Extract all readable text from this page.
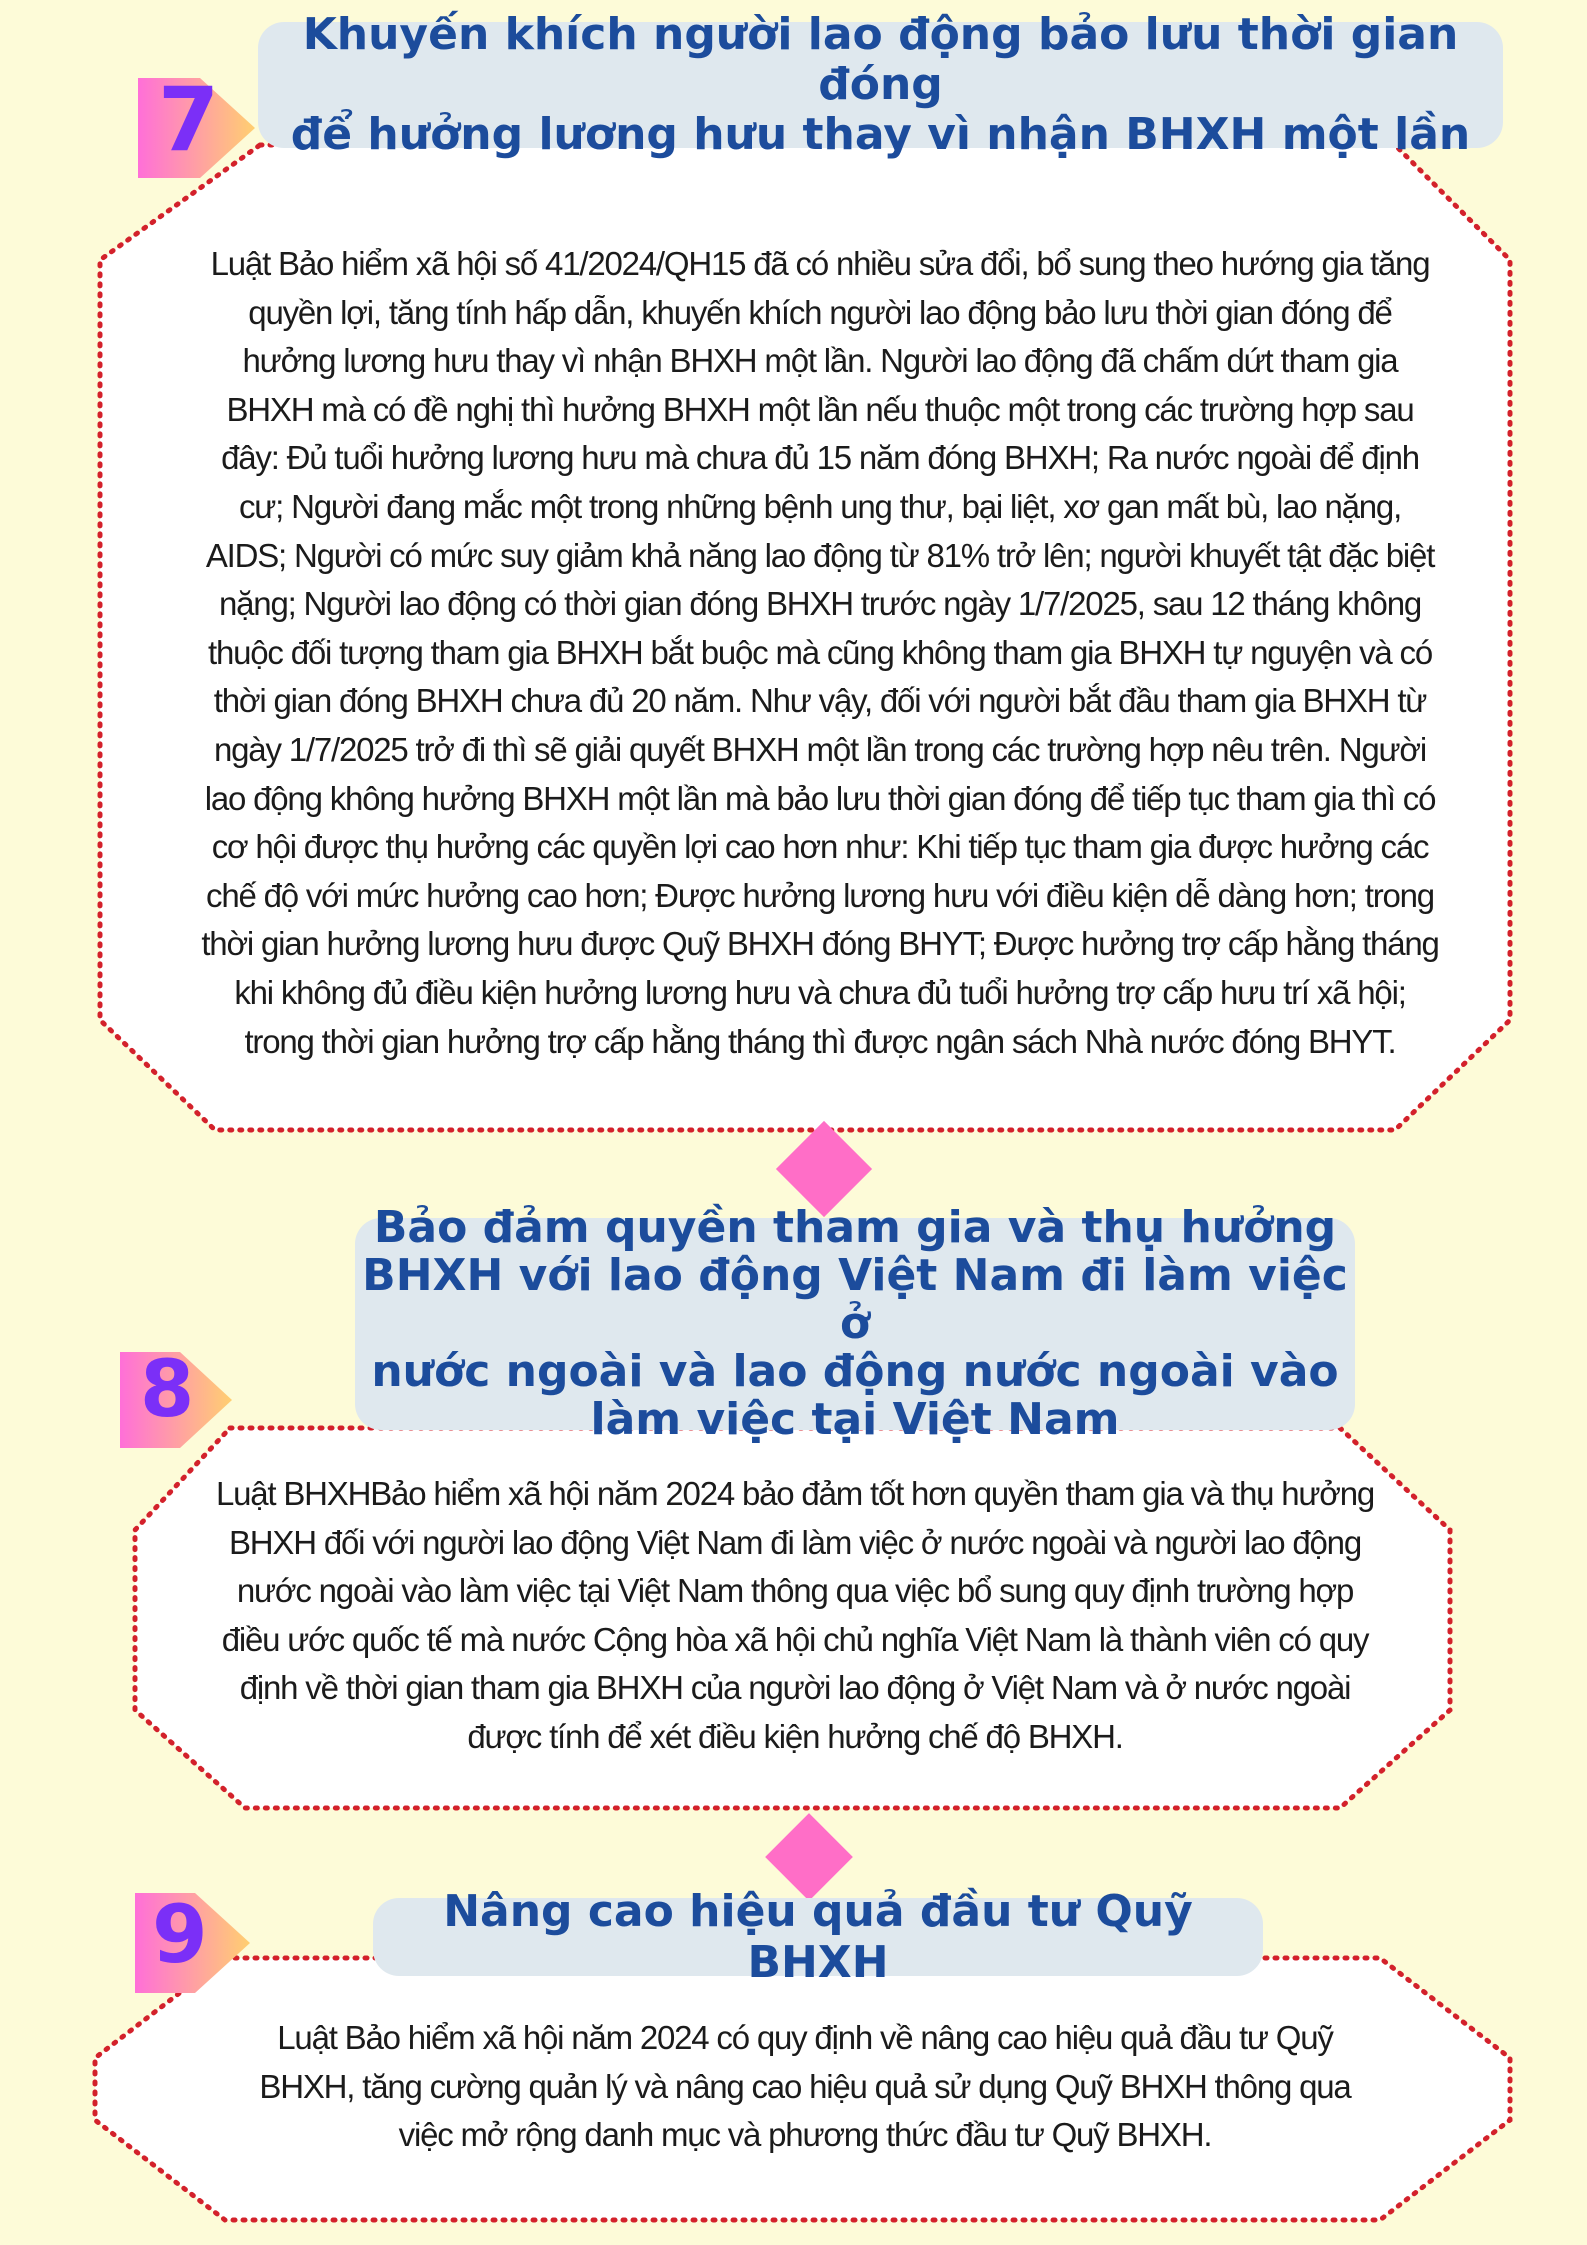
7
8
9
Khuyến khích người lao động bảo lưu thời gian đóng
để hưởng lương hưu thay vì nhận BHXH một lần
Luật Bảo hiểm xã hội số 41/2024/QH15 đã có nhiều sửa đổi, bổ sung theo hướng gia tăng quyền lợi, tăng tính hấp dẫn, khuyến khích người lao động bảo lưu thời gian đóng để hưởng lương hưu thay vì nhận BHXH một lần. Người lao động đã chấm dứt tham gia BHXH mà có đề nghị thì hưởng BHXH một lần nếu thuộc một trong các trường hợp sau đây: Đủ tuổi hưởng lương hưu mà chưa đủ 15 năm đóng BHXH; Ra nước ngoài để định cư; Người đang mắc một trong những bệnh ung thư, bại liệt, xơ gan mất bù, lao nặng, AIDS; Người có mức suy giảm khả năng lao động từ 81% trở lên; người khuyết tật đặc biệt nặng; Người lao động có thời gian đóng BHXH trước ngày 1/7/2025, sau 12 tháng không thuộc đối tượng tham gia BHXH bắt buộc mà cũng không tham gia BHXH tự nguyện và có thời gian đóng BHXH chưa đủ 20 năm. Như vậy, đối với người bắt đầu tham gia BHXH từ ngày 1/7/2025 trở đi thì sẽ giải quyết BHXH một lần trong các trường hợp nêu trên. Người lao động không hưởng BHXH một lần mà bảo lưu thời gian đóng để tiếp tục tham gia thì có cơ hội được thụ hưởng các quyền lợi cao hơn như: Khi tiếp tục tham gia được hưởng các chế độ với mức hưởng cao hơn; Được hưởng lương hưu với điều kiện dễ dàng hơn; trong thời gian hưởng lương hưu được Quỹ BHXH đóng BHYT; Được hưởng trợ cấp hằng tháng khi không đủ điều kiện hưởng lương hưu và chưa đủ tuổi hưởng trợ cấp hưu trí xã hội; trong thời gian hưởng trợ cấp hằng tháng thì được ngân sách Nhà nước đóng BHYT.
Bảo đảm quyền tham gia và thụ hưởng
BHXH với lao động Việt Nam đi làm việc ở
nước ngoài và lao động nước ngoài vào
làm việc tại Việt Nam
Luật BHXHBảo hiểm xã hội năm 2024 bảo đảm tốt hơn quyền tham gia và thụ hưởng BHXH đối với người lao động Việt Nam đi làm việc ở nước ngoài và người lao động nước ngoài vào làm việc tại Việt Nam thông qua việc bổ sung quy định trường hợp điều ước quốc tế mà nước Cộng hòa xã hội chủ nghĩa Việt Nam là thành viên có quy định về thời gian tham gia BHXH của người lao động ở Việt Nam và ở nước ngoài được tính để xét điều kiện hưởng chế độ BHXH.
Nâng cao hiệu quả đầu tư Quỹ BHXH
Luật Bảo hiểm xã hội năm 2024 có quy định về nâng cao hiệu quả đầu tư Quỹ BHXH, tăng cường quản lý và nâng cao hiệu quả sử dụng Quỹ BHXH thông qua việc mở rộng danh mục và phương thức đầu tư Quỹ BHXH.
